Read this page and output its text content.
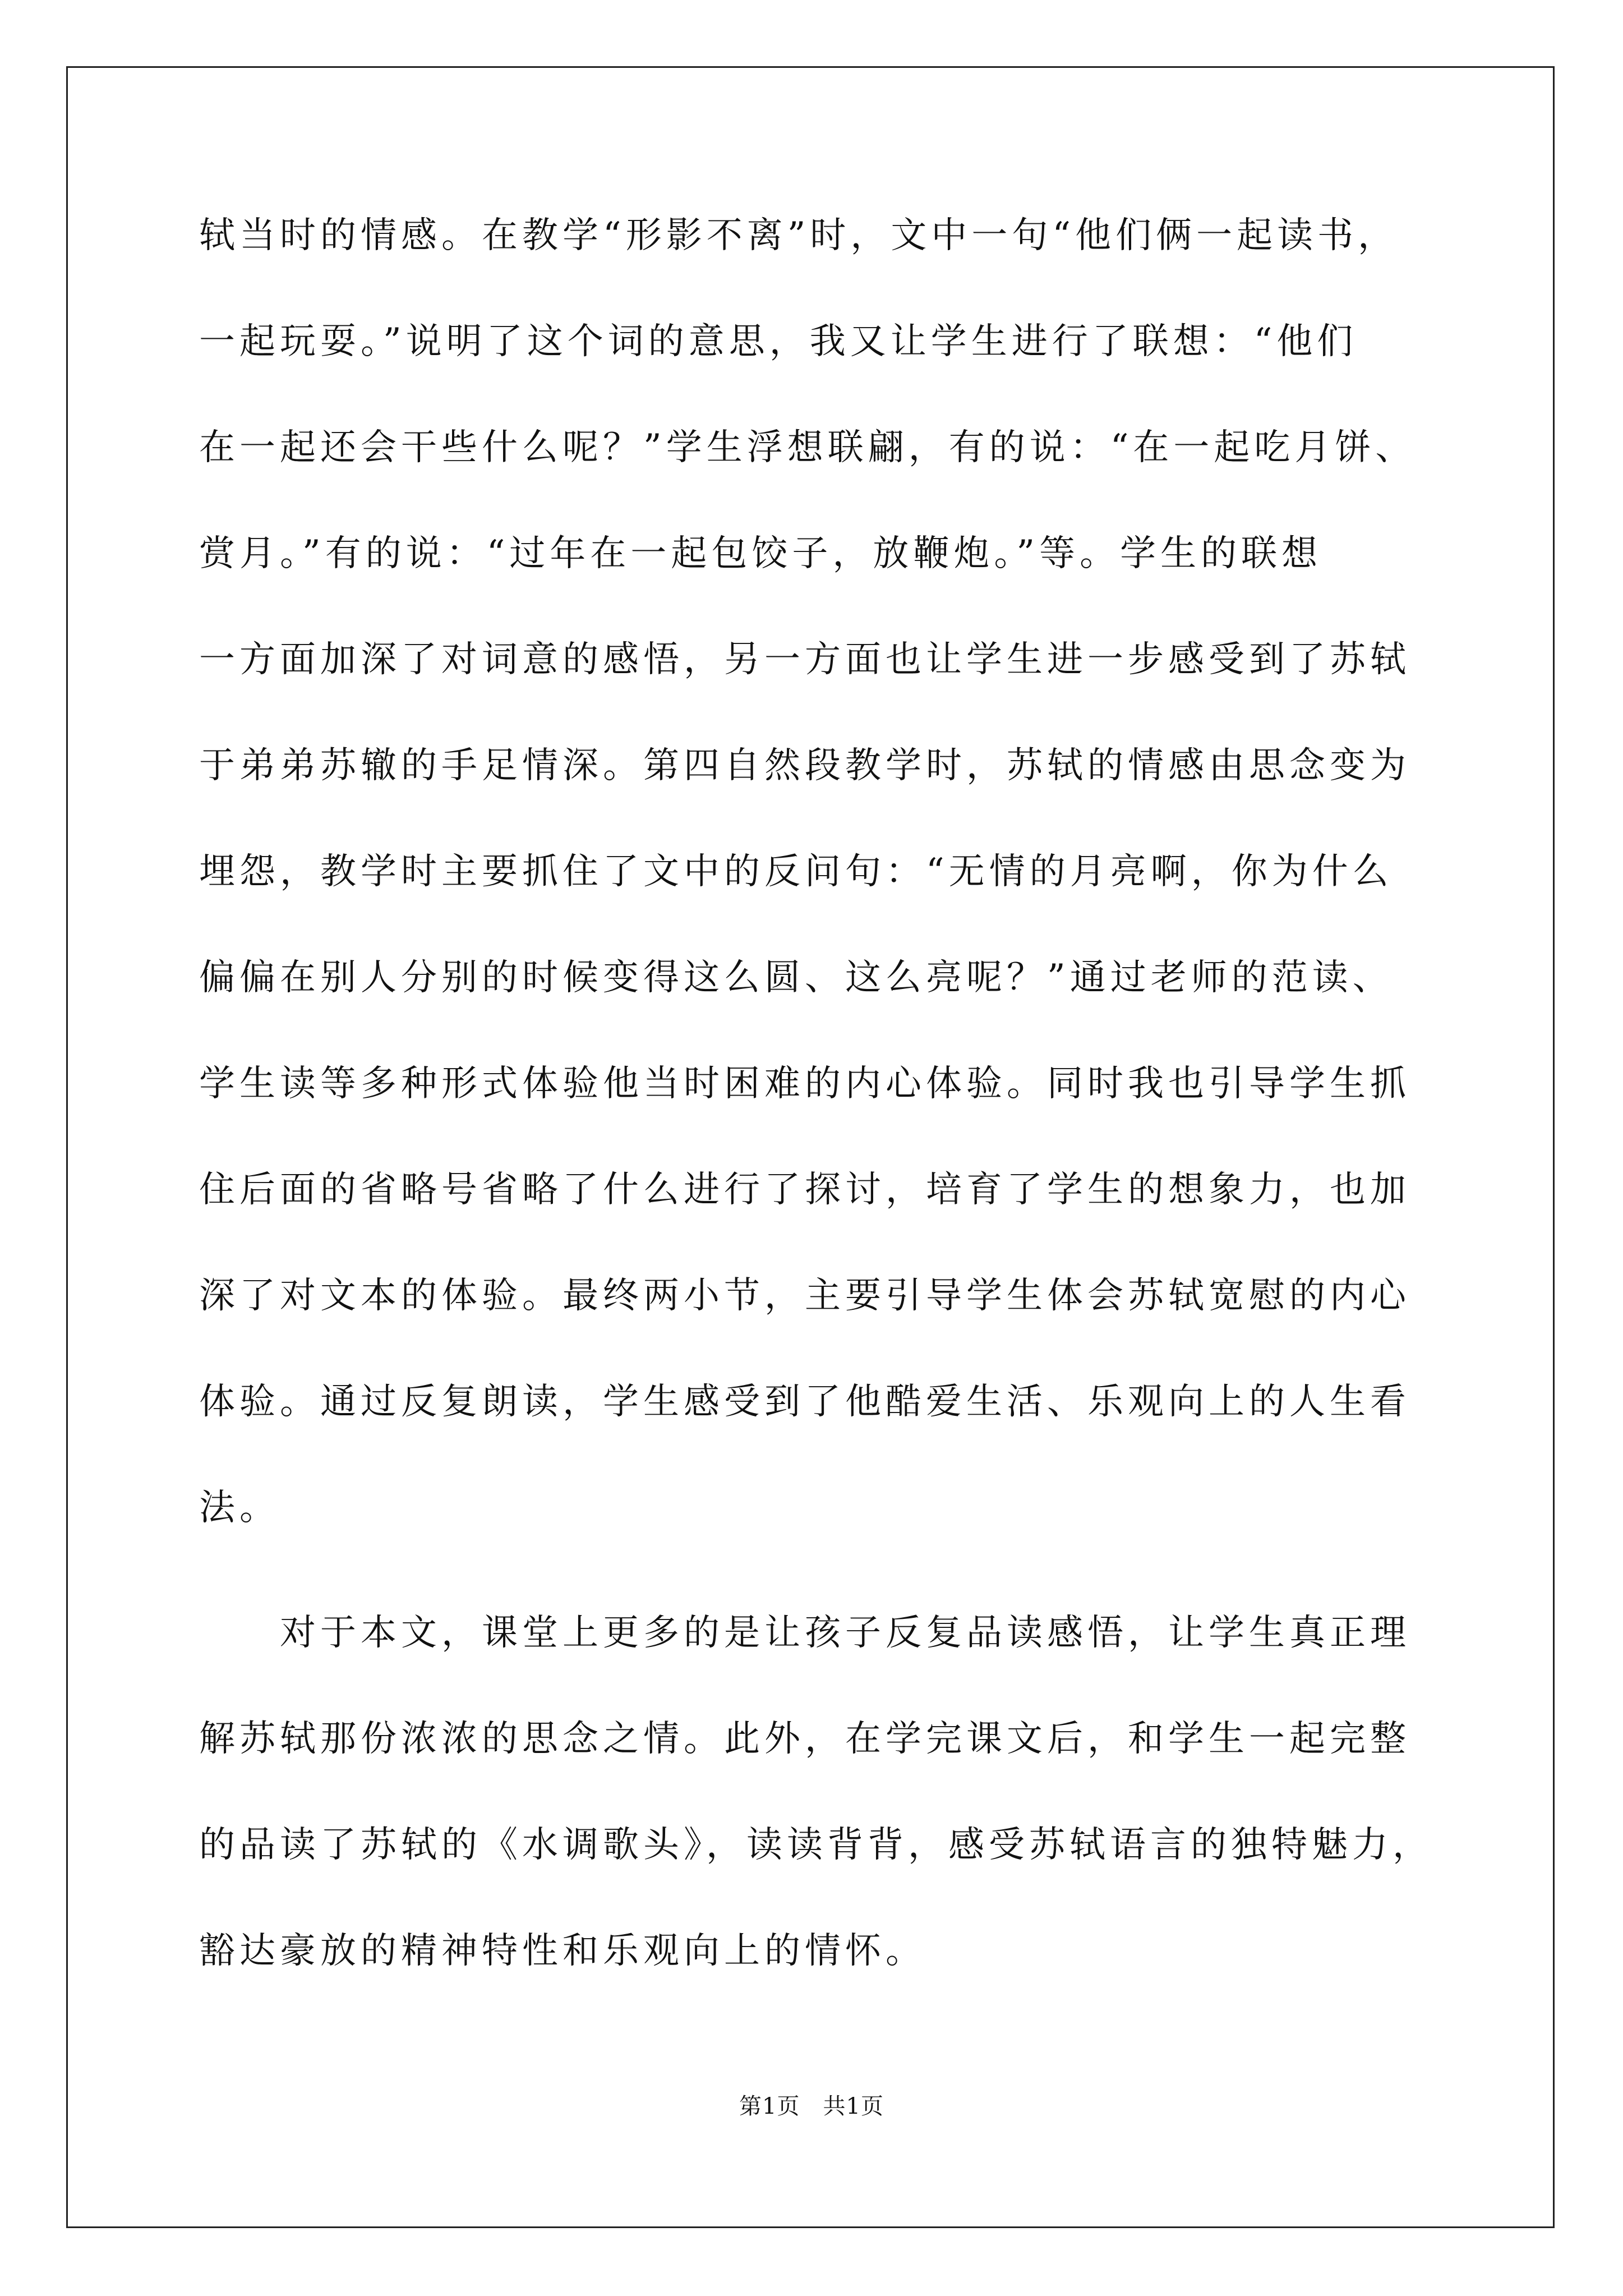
轼当时的情感。在教学“形影不离”时，文中一句“他们俩一起读书，
一起玩耍。”说明了这个词的意思，我又让学生进行了联想：“他们
在一起还会干些什么呢？”学生浮想联翩，有的说：“在一起吃月饼、
赏月。”有的说：“过年在一起包饺子，放鞭炮。”等。学生的联想
一方面加深了对词意的感悟，另一方面也让学生进一步感受到了苏轼
于弟弟苏辙的手足情深。第四自然段教学时，苏轼的情感由思念变为
埋怨，教学时主要抓住了文中的反问句：“无情的月亮啊，你为什么
偏偏在别人分别的时候变得这么圆、这么亮呢？”通过老师的范读、
学生读等多种形式体验他当时困难的内心体验。同时我也引导学生抓
住后面的省略号省略了什么进行了探讨，培育了学生的想象力，也加
深了对文本的体验。最终两小节，主要引导学生体会苏轼宽慰的内心
体验。通过反复朗读，学生感受到了他酷爱生活、乐观向上的人生看
法。
　　对于本文，课堂上更多的是让孩子反复品读感悟，让学生真正理
解苏轼那份浓浓的思念之情。此外，在学完课文后，和学生一起完整
的品读了苏轼的《水调歌头》，读读背背，感受苏轼语言的独特魅力，
豁达豪放的精神特性和乐观向上的情怀。
第1页　共1页
